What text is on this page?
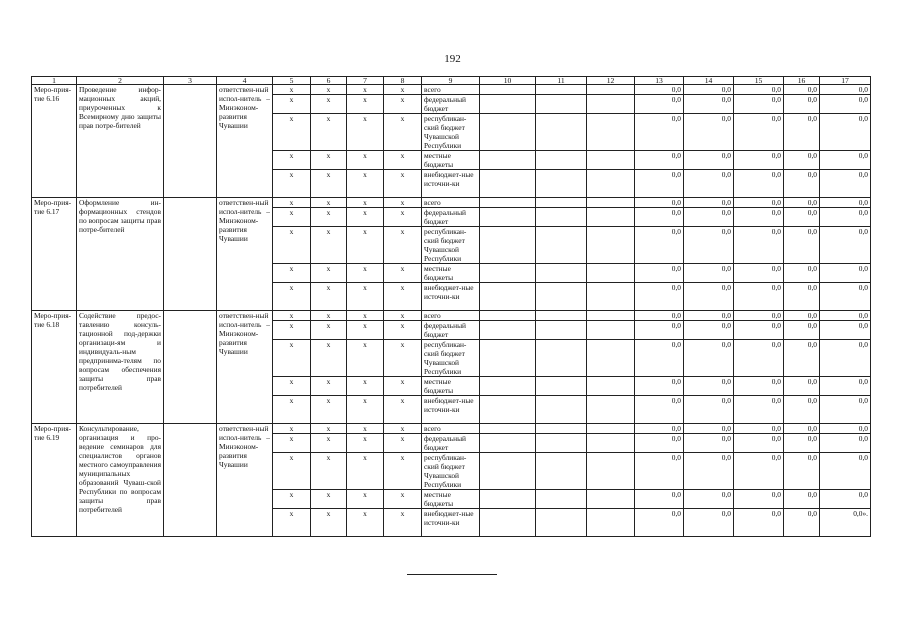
192
1	2	3	4	5	6	7	8	9	10	11	12	13	14	15	16	17
Меро-прия-тие 6.16	Проведение инфор-мационных акций, приуроченных к Всемирному дню защиты прав потре-бителей		ответствен-ный испол-нитель – Минэконом-развития Чувашии	х	х	х	х	всего				0,0	0,0	0,0	0,0	0,0
				х	х	х	х	федеральный бюджет				0,0	0,0	0,0	0,0	0,0
				х	х	х	х	республикан-ский бюджет Чувашской Республики				0,0	0,0	0,0	0,0	0,0
				х	х	х	х	местные бюджеты				0,0	0,0	0,0	0,0	0,0
				х	х	х	х	внебюджет-ные источни-ки				0,0	0,0	0,0	0,0	0,0
Меро-прия-тие 6.17	Оформление ин-формационных стендов по вопросам защиты прав потре-бителей		ответствен-ный испол-нитель – Минэконом-развития Чувашии	х	х	х	х	всего				0,0	0,0	0,0	0,0	0,0
				х	х	х	х	федеральный бюджет				0,0	0,0	0,0	0,0	0,0
				х	х	х	х	республикан-ский бюджет Чувашской Республики				0,0	0,0	0,0	0,0	0,0
				х	х	х	х	местные бюджеты				0,0	0,0	0,0	0,0	0,0
				х	х	х	х	внебюджет-ные источни-ки				0,0	0,0	0,0	0,0	0,0
Меро-прия-тие 6.18	Содействие предос-тавлению консуль-тационной под-держки организаци-ям и индивидуаль-ным предпринима-телям по вопросам обеспечения защиты прав потребителей		ответствен-ный испол-нитель – Минэконом-развития Чувашии	х	х	х	х	всего				0,0	0,0	0,0	0,0	0,0
				х	х	х	х	федеральный бюджет				0,0	0,0	0,0	0,0	0,0
				х	х	х	х	республикан-ский бюджет Чувашской Республики				0,0	0,0	0,0	0,0	0,0
				х	х	х	х	местные бюджеты				0,0	0,0	0,0	0,0	0,0
				х	х	х	х	внебюджет-ные источни-ки				0,0	0,0	0,0	0,0	0,0
Меро-прия-тие 6.19	Консультирование, организация и про-ведение семинаров для специалистов органов местного самоуправления муниципальных образований Чуваш-ской Республики по вопросам защиты прав потребителей		ответствен-ный испол-нитель – Минэконом-развития Чувашии	х	х	х	х	всего				0,0	0,0	0,0	0,0	0,0
				х	х	х	х	федеральный бюджет				0,0	0,0	0,0	0,0	0,0
				х	х	х	х	республикан-ский бюджет Чувашской Республики				0,0	0,0	0,0	0,0	0,0
				х	х	х	х	местные бюджеты				0,0	0,0	0,0	0,0	0,0
				х	х	х	х	внебюджет-ные источни-ки				0,0	0,0	0,0	0,0	0,0».
